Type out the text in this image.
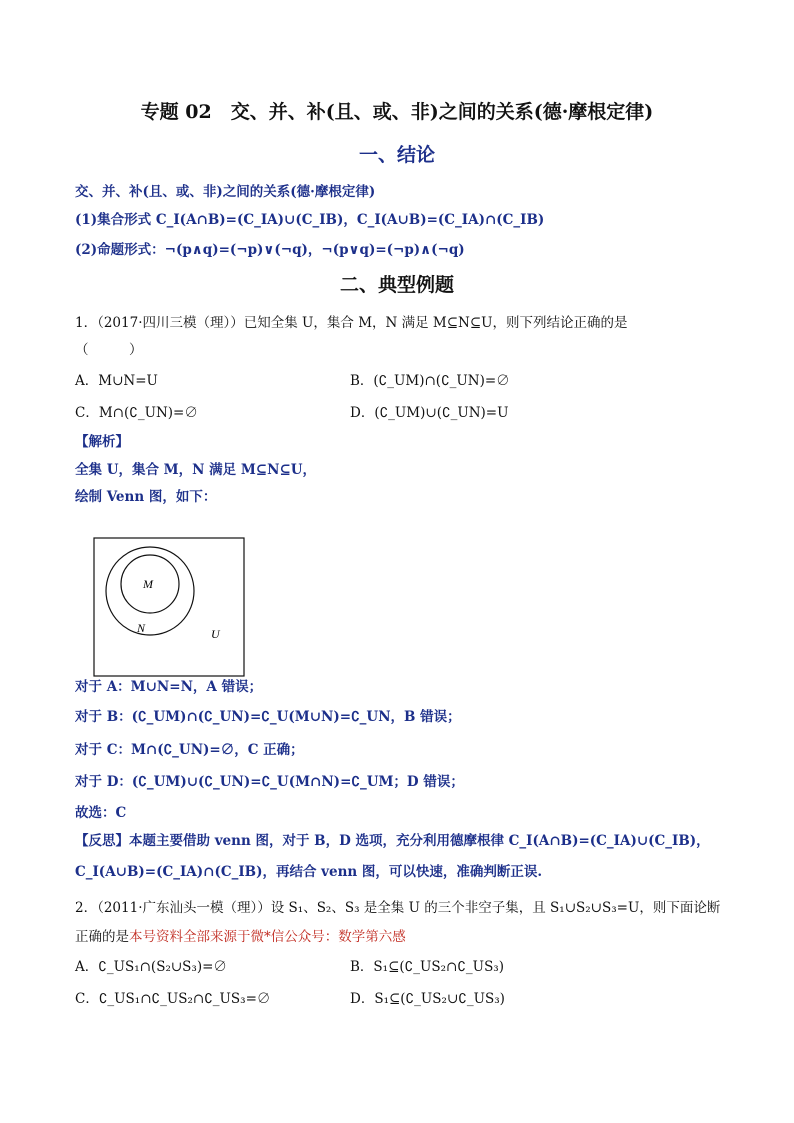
专题 02　交、并、补(且、或、非)之间的关系(德·摩根定律)
一、结论
交、并、补(且、或、非)之间的关系(德·摩根定律)
(1)集合形式 C_I(A∩B)=(C_IA)∪(C_IB)，C_I(A∪B)=(C_IA)∩(C_IB)
(2)命题形式：¬(p∧q)=(¬p)∨(¬q)，¬(p∨q)=(¬p)∧(¬q)
二、典型例题
1．（2017·四川三模（理））已知全集 U，集合 M，N 满足 M⊆N⊆U，则下列结论正确的是
（　　　）
A．M∪N=U	B．(∁_UM)∩(∁_UN)=∅
C．M∩(∁_UN)=∅	D．(∁_UM)∪(∁_UN)=U
【解析】
全集 U，集合 M，N 满足 M⊆N⊆U，
绘制 Venn 图，如下：
M
N	U
对于 A：M∪N=N，A 错误；
对于 B：(∁_UM)∩(∁_UN)=∁_U(M∪N)=∁_UN，B 错误；
对于 C：M∩(∁_UN)=∅，C 正确；
对于 D：(∁_UM)∪(∁_UN)=∁_U(M∩N)=∁_UM；D 错误；
故选：C
【反思】本题主要借助 venn 图，对于 B，D 选项，充分利用德摩根律 C_I(A∩B)=(C_IA)∪(C_IB)，
C_I(A∪B)=(C_IA)∩(C_IB)，再结合 venn 图，可以快速，准确判断正误.
2．（2011·广东汕头一模（理））设 S₁、S₂、S₃ 是全集 U 的三个非空子集，且 S₁∪S₂∪S₃=U，则下面论断
正确的是本号资料全部来源于微*信公众号：数学第六感
A．∁_US₁∩(S₂∪S₃)=∅	B．S₁⊆(∁_US₂∩∁_US₃)
C．∁_US₁∩∁_US₂∩∁_US₃=∅	D．S₁⊆(∁_US₂∪∁_US₃)
